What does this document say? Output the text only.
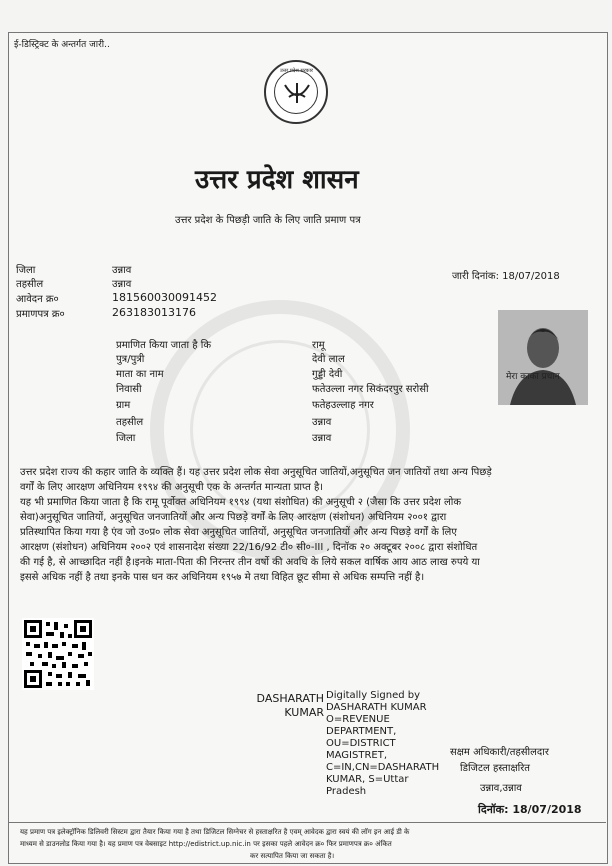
ई-डिस्ट्रिक्ट के अन्तर्गत जारी..
उत्तर प्रदेश सरकार
उत्तर प्रदेश शासन
उत्तर प्रदेश के पिछड़ी जाति के लिए जाति प्रमाण पत्र
जिला	उन्नाव
तहसील	उन्नाव
आवेदन क्र०	181560030091452
प्रमाणपत्र क्र०	263183013176
जारी दिनांक: 18/07/2018
प्रमाणित किया जाता है कि	रामू
पुत्र/पुत्री	देवी लाल
माता का नाम	गुड्डी देवी
निवासी	फतेउल्ला नगर सिकंदरपुर सरोसी
ग्राम	फतेहउल्लाह नगर
तहसील	उन्नाव
जिला	उन्नाव
मेरा काका प्रधान
उत्तर प्रदेश राज्य की कहार जाति के व्यक्ति हैं। यह उत्तर प्रदेश लोक सेवा अनुसूचित जातियों,अनुसूचित जन जातियों तथा अन्य पिछड़े
वर्गों के लिए आरक्षण अधिनियम १९९४ की अनुसूची एक के अन्तर्गत मान्यता प्राप्त है।
यह भी प्रमाणित किया जाता है कि रामू पूर्वोक्त अधिनियम १९९४ (यथा संशोधित) की अनुसूची २ (जैसा कि उत्तर प्रदेश लोक
सेवा)अनुसूचित जातियों, अनुसूचित जनजातियों और अन्य पिछड़े वर्गों के लिए आरक्षण (संशोधन) अधिनियम २००१ द्वारा
प्रतिस्थापित किया गया है एंव जो उ०प्र० लोक सेवा अनुसूचित जातियों, अनुसूचित जनजातियों और अन्य पिछड़े वर्गों के लिए
आरक्षण (संशोधन) अधिनियम २००२ एवं शासनादेश संख्या 22/16/92 टी० सी०-III , दिनॉक २० अक्टूबर २००८ द्वारा संशोधित
की गई है, से आच्छादित नहीं है।इनके माता-पिता की निरन्तर तीन वर्षो की अवधि के लिये सकल वार्षिक आय आठ लाख रुपये या
इससे अधिक नहीं है तथा इनके पास धन कर अधिनियम १९५७ मे तथा विहित छूट सीमा से अधिक सम्पत्ति नहीं है।
DASHARATH
KUMAR
Digitally Signed by
DASHARATH KUMAR
O=REVENUE
DEPARTMENT,
OU=DISTRICT
MAGISTRET,
C=IN,CN=DASHARATH
KUMAR, S=Uttar
Pradesh
सक्षम अधिकारी/तहसीलदार
डिजिटल हस्ताक्षरित
उन्नाव,उन्नाव
दिनॉक: 18/07/2018
यह प्रमाण पत्र इलेक्ट्रॉनिक डिलिवरी सिस्टम द्वारा तैयार किया गया है तथा डिजिटल सिग्नेचर से हस्ताक्षरित है एवम् आवेदक द्वारा स्वयं की लॉग इन आई डी के
माध्यम से डाउनलोड किया गया है। यह प्रमाण पत्र वेबसाइट http://edistrict.up.nic.in पर इसका पहले आवेदन क्र० फिर प्रमाणपत्र क्र० अंकित
कर सत्यापित किया जा सकता है।
